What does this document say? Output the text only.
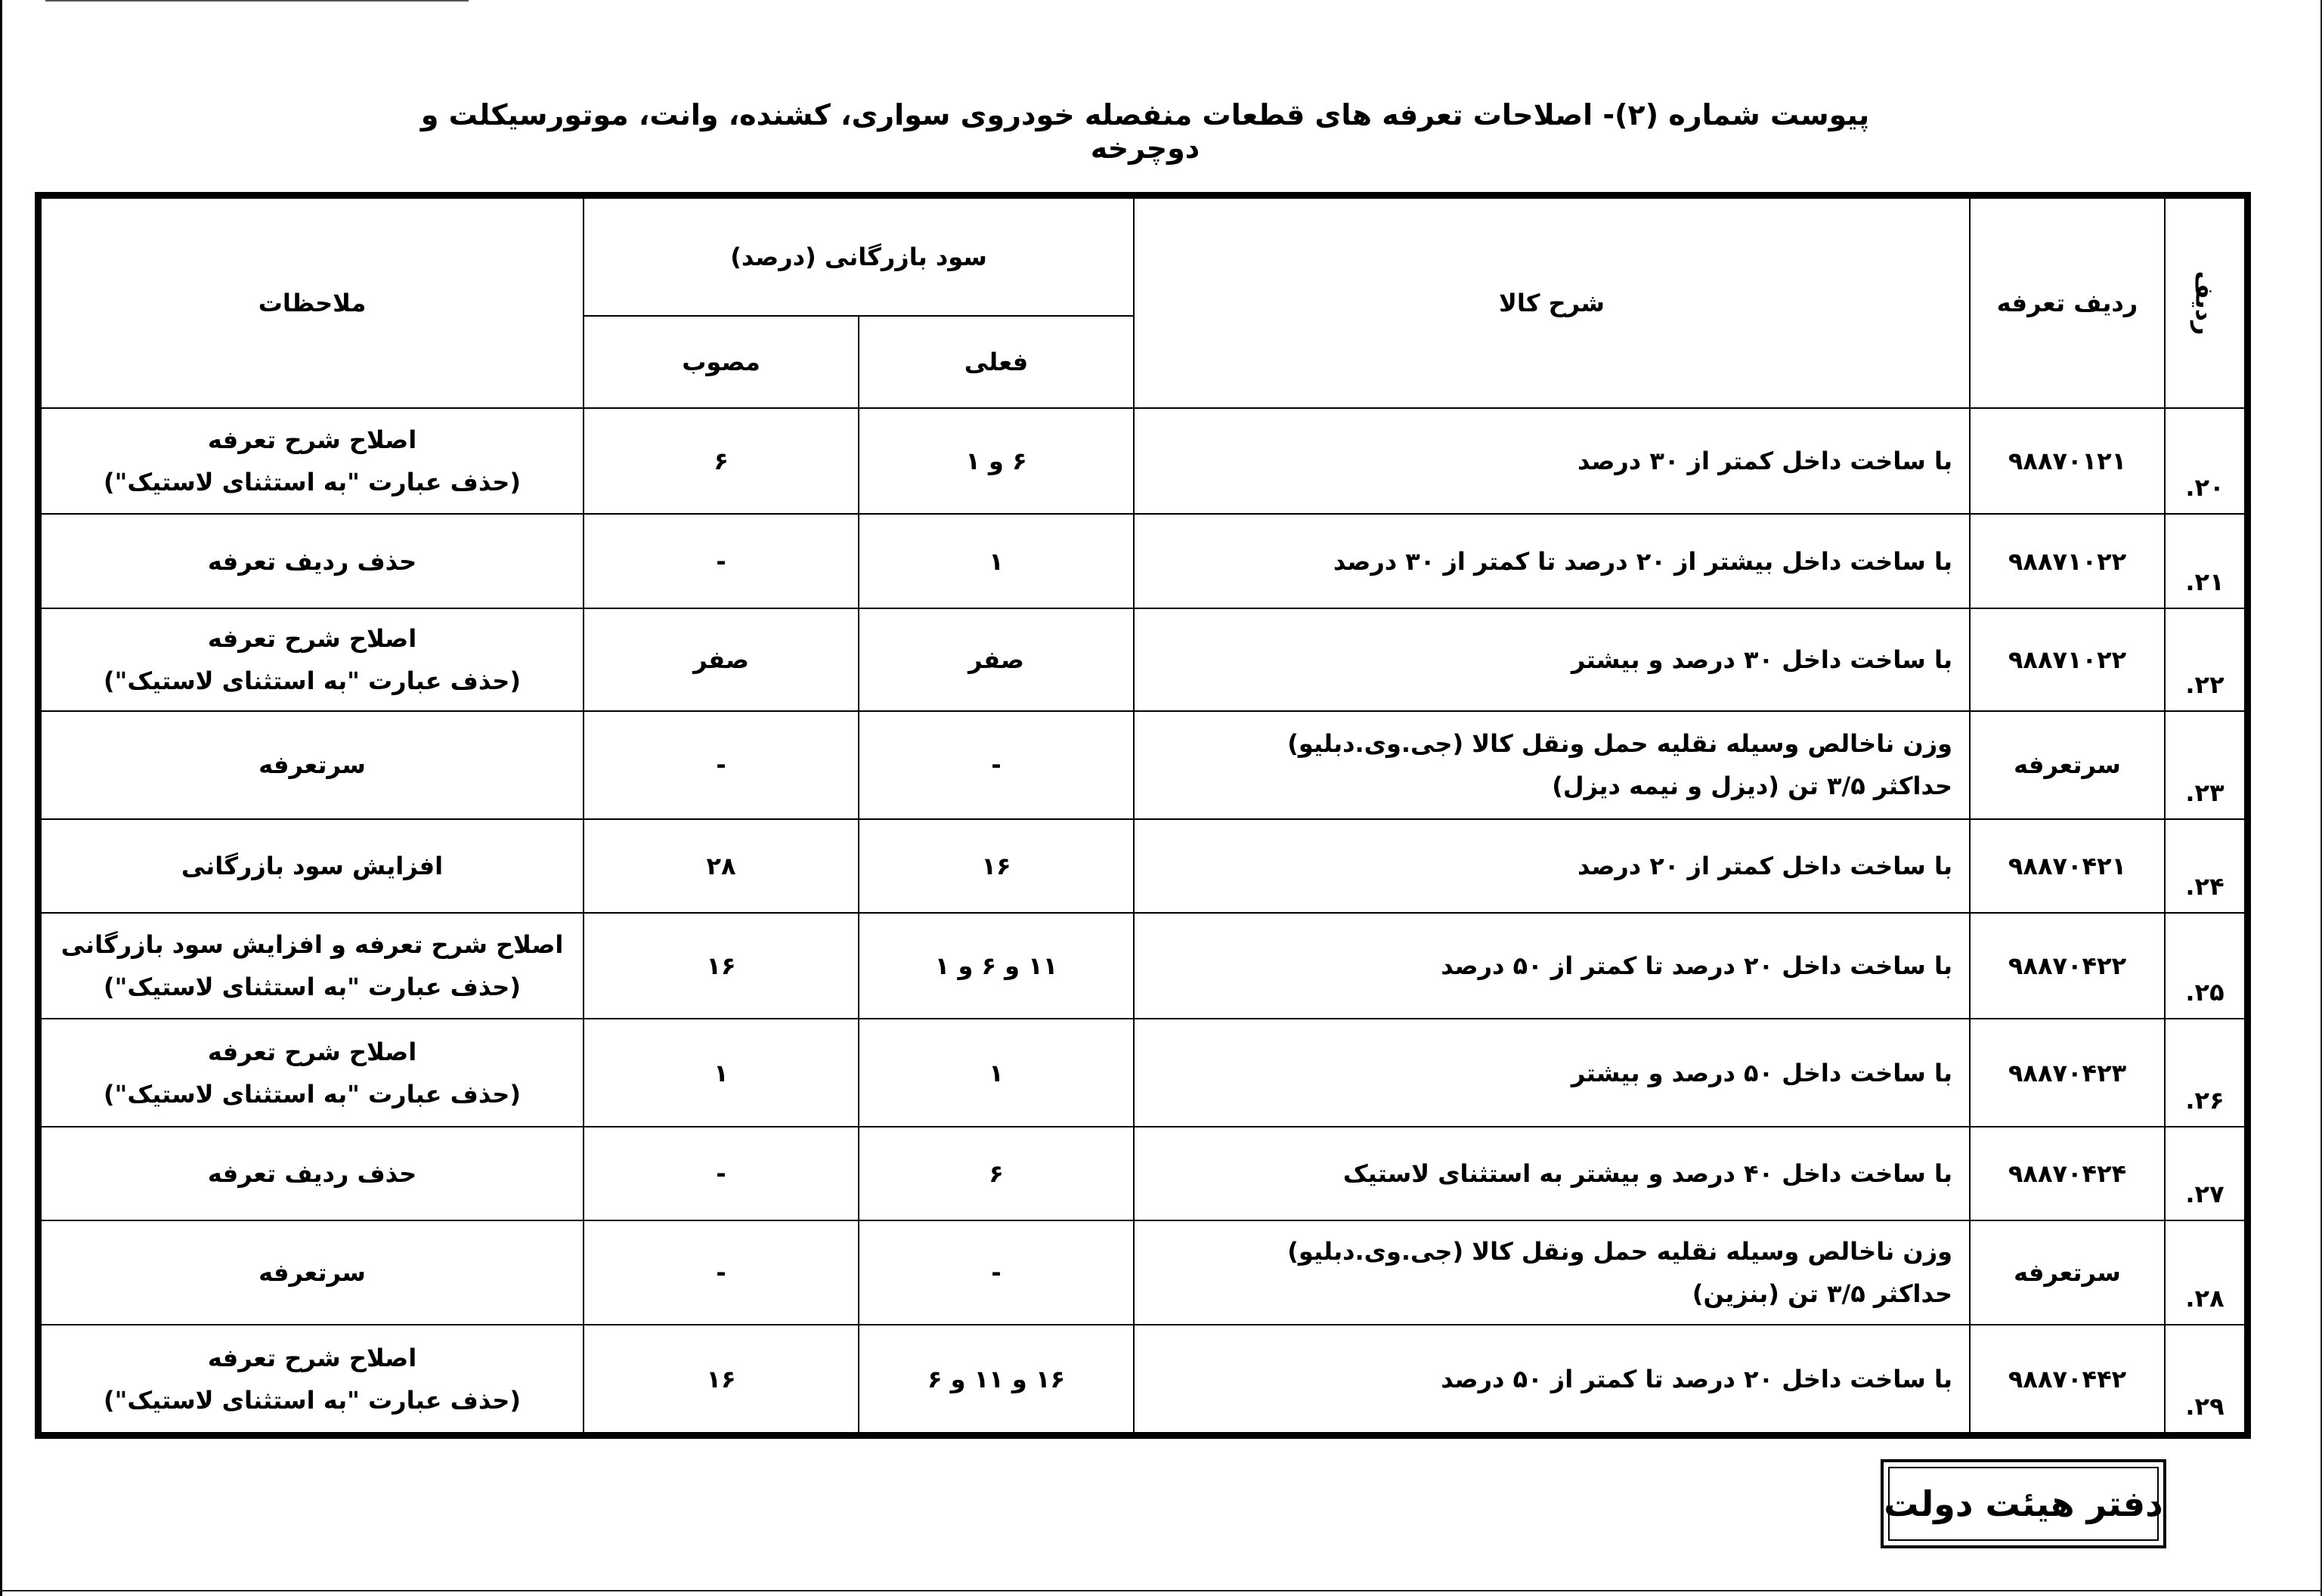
پیوست شماره (۲)- اصلاحات تعرفه های قطعات منفصله خودروی سواری، کشنده، وانت، موتورسیکلت و دوچرخه
ردیف	ردیف تعرفه	شرح کالا	سود بازرگانی (درصد)		ملاحظات
			فعلی	مصوب	
۲۰.	۹۸۸۷۰۱۲۱	با ساخت داخل کمتر از ۳۰ درصد	۶ و ۱	۶	اصلاح شرح تعرفه
(حذف عبارت "به استثنای لاستیک")
۲۱.	۹۸۸۷۱۰۲۲	با ساخت داخل بیشتر از ۲۰ درصد تا کمتر از ۳۰ درصد	۱	-	حذف ردیف تعرفه
۲۲.	۹۸۸۷۱۰۲۲	با ساخت داخل ۳۰ درصد و بیشتر	صفر	صفر	اصلاح شرح تعرفه
(حذف عبارت "به استثنای لاستیک")
۲۳.	سرتعرفه	وزن ناخالص وسیله نقلیه حمل ونقل کالا (جی.وی.دبلیو)
حداکثر ۳/۵ تن (دیزل و نیمه دیزل)	-	-	سرتعرفه
۲۴.	۹۸۸۷۰۴۲۱	با ساخت داخل کمتر از ۲۰ درصد	۱۶	۲۸	افزایش سود بازرگانی
۲۵.	۹۸۸۷۰۴۲۲	با ساخت داخل ۲۰ درصد تا کمتر از ۵۰ درصد	۱۱ و ۶ و ۱	۱۶	اصلاح شرح تعرفه و افزایش سود بازرگانی
(حذف عبارت "به استثنای لاستیک")
۲۶.	۹۸۸۷۰۴۲۳	با ساخت داخل ۵۰ درصد و بیشتر	۱	۱	اصلاح شرح تعرفه
(حذف عبارت "به استثنای لاستیک")
۲۷.	۹۸۸۷۰۴۲۴	با ساخت داخل ۴۰ درصد و بیشتر به استثنای لاستیک	۶	-	حذف ردیف تعرفه
۲۸.	سرتعرفه	وزن ناخالص وسیله نقلیه حمل ونقل کالا (جی.وی.دبلیو)
حداکثر ۳/۵ تن (بنزین)	-	-	سرتعرفه
۲۹.	۹۸۸۷۰۴۴۲	با ساخت داخل ۲۰ درصد تا کمتر از ۵۰ درصد	۱۶ و ۱۱ و ۶	۱۶	اصلاح شرح تعرفه
(حذف عبارت "به استثنای لاستیک")
دفتر هیئت دولت
